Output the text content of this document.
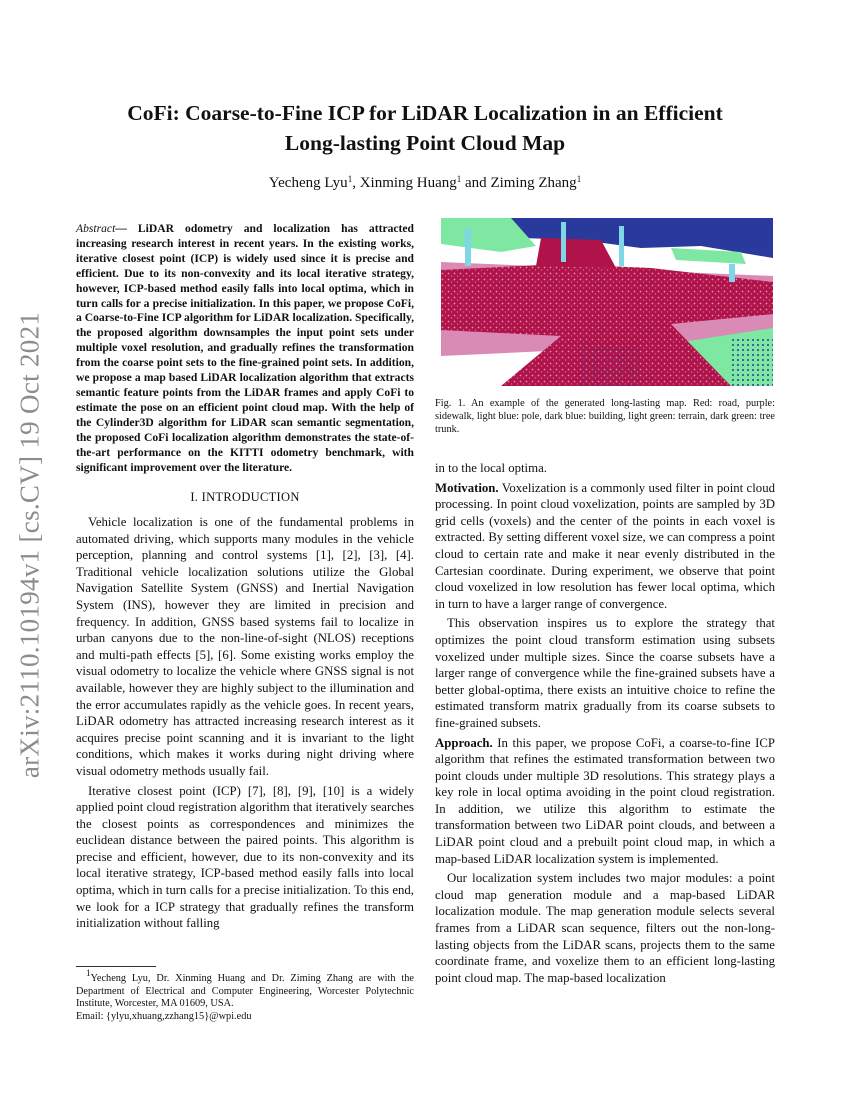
arXiv:2110.10194v1 [cs.CV] 19 Oct 2021
CoFi: Coarse-to-Fine ICP for LiDAR Localization in an Efficient
Long-lasting Point Cloud Map
Yecheng Lyu$^1$, Xinming Huang$^1$ and Ziming Zhang$^1$

Abstract— LiDAR odometry and localization has attracted increasing research interest in recent years. In the existing works, iterative closest point (ICP) is widely used since it is precise and efficient. Due to its non-convexity and its local iterative strategy, however, ICP-based method easily falls into local optima, which in turn calls for a precise initialization. In this paper, we propose CoFi, a Coarse-to-Fine ICP algorithm for LiDAR localization. Specifically, the proposed algorithm downsamples the input point sets under multiple voxel resolution, and gradually refines the transformation from the coarse point sets to the fine-grained point sets. In addition, we propose a map based LiDAR localization algorithm that extracts semantic feature points from the LiDAR frames and apply CoFi to estimate the pose on an efficient point cloud map. With the help of the Cylinder3D algorithm for LiDAR scan semantic segmentation, the proposed CoFi localization algorithm demonstrates the state-of-the-art performance on the KITTI odometry benchmark, with significant improvement over the literature.

I. INTRODUCTION

Vehicle localization is one of the fundamental problems in automated driving, which supports many modules in the vehicle perception, planning and control systems [1], [2], [3], [4]. Traditional vehicle localization solutions utilize the Global Navigation Satellite System (GNSS) and Inertial Navigation System (INS), however they are limited in precision and frequency. In addition, GNSS based systems fail to localize in urban canyons due to the non-line-of-sight (NLOS) receptions and multi-path effects [5], [6]. Some existing works employ the visual odometry to localize the vehicle where GNSS signal is not available, however they are highly subject to the illumination and the error accumulates rapidly as the vehicle goes. In recent years, LiDAR odometry has attracted increasing research interest as it acquires precise point scanning and it is invariant to the light conditions, which makes it works during night driving where visual odometry methods usually fail.

Iterative closest point (ICP) [7], [8], [9], [10] is a widely applied point cloud registration algorithm that iteratively searches the closest points as correspondences and minimizes the euclidean distance between the paired points. This algorithm is precise and efficient, however, due to its non-convexity and its local iterative strategy, ICP-based method easily falls into local optima, which in turn calls for a precise initialization. To this end, we look for a ICP strategy that gradually refines the transform initialization without falling

$^1$Yecheng Lyu, Dr. Xinming Huang and Dr. Ziming Zhang are with the Department of Electrical and Computer Engineering, Worcester Polytechnic Institute, Worcester, MA 01609, USA.

Email: {ylyu,xhuang,zzhang15}@wpi.edu

Fig. 1. An example of the generated long-lasting map. Red: road, purple: sidewalk, light blue: pole, dark blue: building, light green: terrain, dark green: tree trunk.

in to the local optima.

Motivation. Voxelization is a commonly used filter in point cloud processing. In point cloud voxelization, points are sampled by 3D grid cells (voxels) and the center of the points in each voxel is extracted. By setting different voxel size, we can compress a point cloud to certain rate and make it near evenly distributed in the Cartesian coordinate. During experiment, we observe that point cloud voxelized in low resolution has fewer local optima, which in turn to have a larger range of convergence.

This observation inspires us to explore the strategy that optimizes the point cloud transform estimation using subsets voxelized under multiple sizes. Since the coarse subsets have a larger range of convergence while the fine-grained subsets have a better global-optima, there exists an intuitive choice to refine the estimated transform matrix gradually from its coarse subsets to fine-grained subsets.

Approach. In this paper, we propose CoFi, a coarse-to-fine ICP algorithm that refines the estimated transformation between two point clouds under multiple 3D resolutions. This strategy plays a key role in local optima avoiding in the point cloud registration. In addition, we utilize this algorithm to estimate the transformation between two LiDAR point clouds, and between a LiDAR point cloud and a prebuilt point cloud map, in which a map-based LiDAR localization system is implemented.

Our localization system includes two major modules: a point cloud map generation module and a map-based LiDAR localization module. The map generation module selects several frames from a LiDAR scan sequence, filters out the non-long-lasting objects from the LiDAR scans, projects them to the same coordinate frame, and voxelize them to an efficient long-lasting point cloud map. The map-based localization
